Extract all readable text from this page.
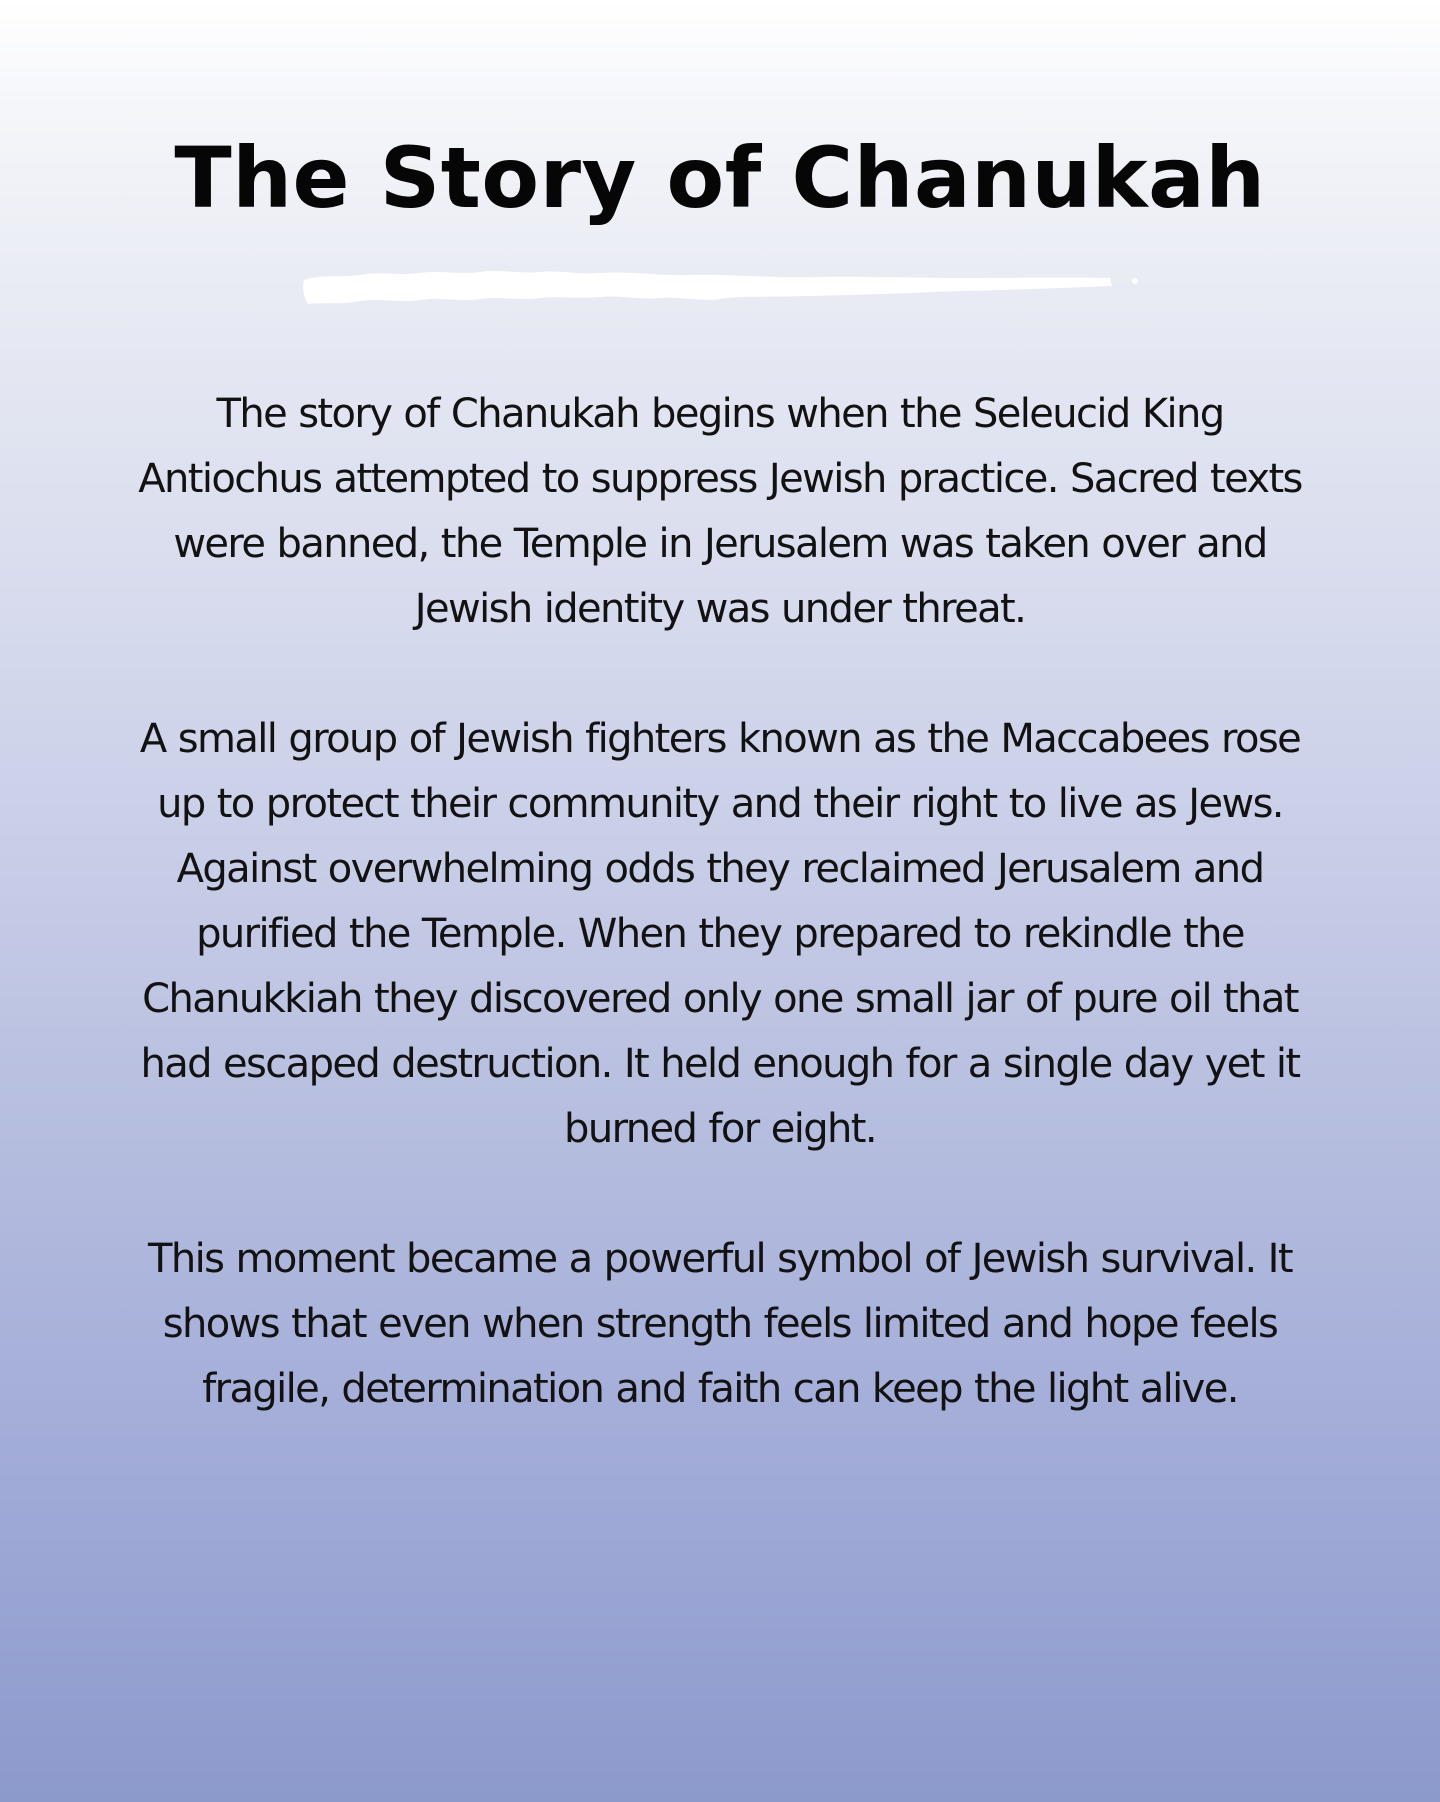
The Story of Chanukah

The story of Chanukah begins when the Seleucid King
Antiochus attempted to suppress Jewish practice. Sacred texts
were banned, the Temple in Jerusalem was taken over and
Jewish identity was under threat.

A small group of Jewish fighters known as the Maccabees rose
up to protect their community and their right to live as Jews.
Against overwhelming odds they reclaimed Jerusalem and
purified the Temple. When they prepared to rekindle the
Chanukkiah they discovered only one small jar of pure oil that
had escaped destruction. It held enough for a single day yet it
burned for eight.

This moment became a powerful symbol of Jewish survival. It
shows that even when strength feels limited and hope feels
fragile, determination and faith can keep the light alive.
